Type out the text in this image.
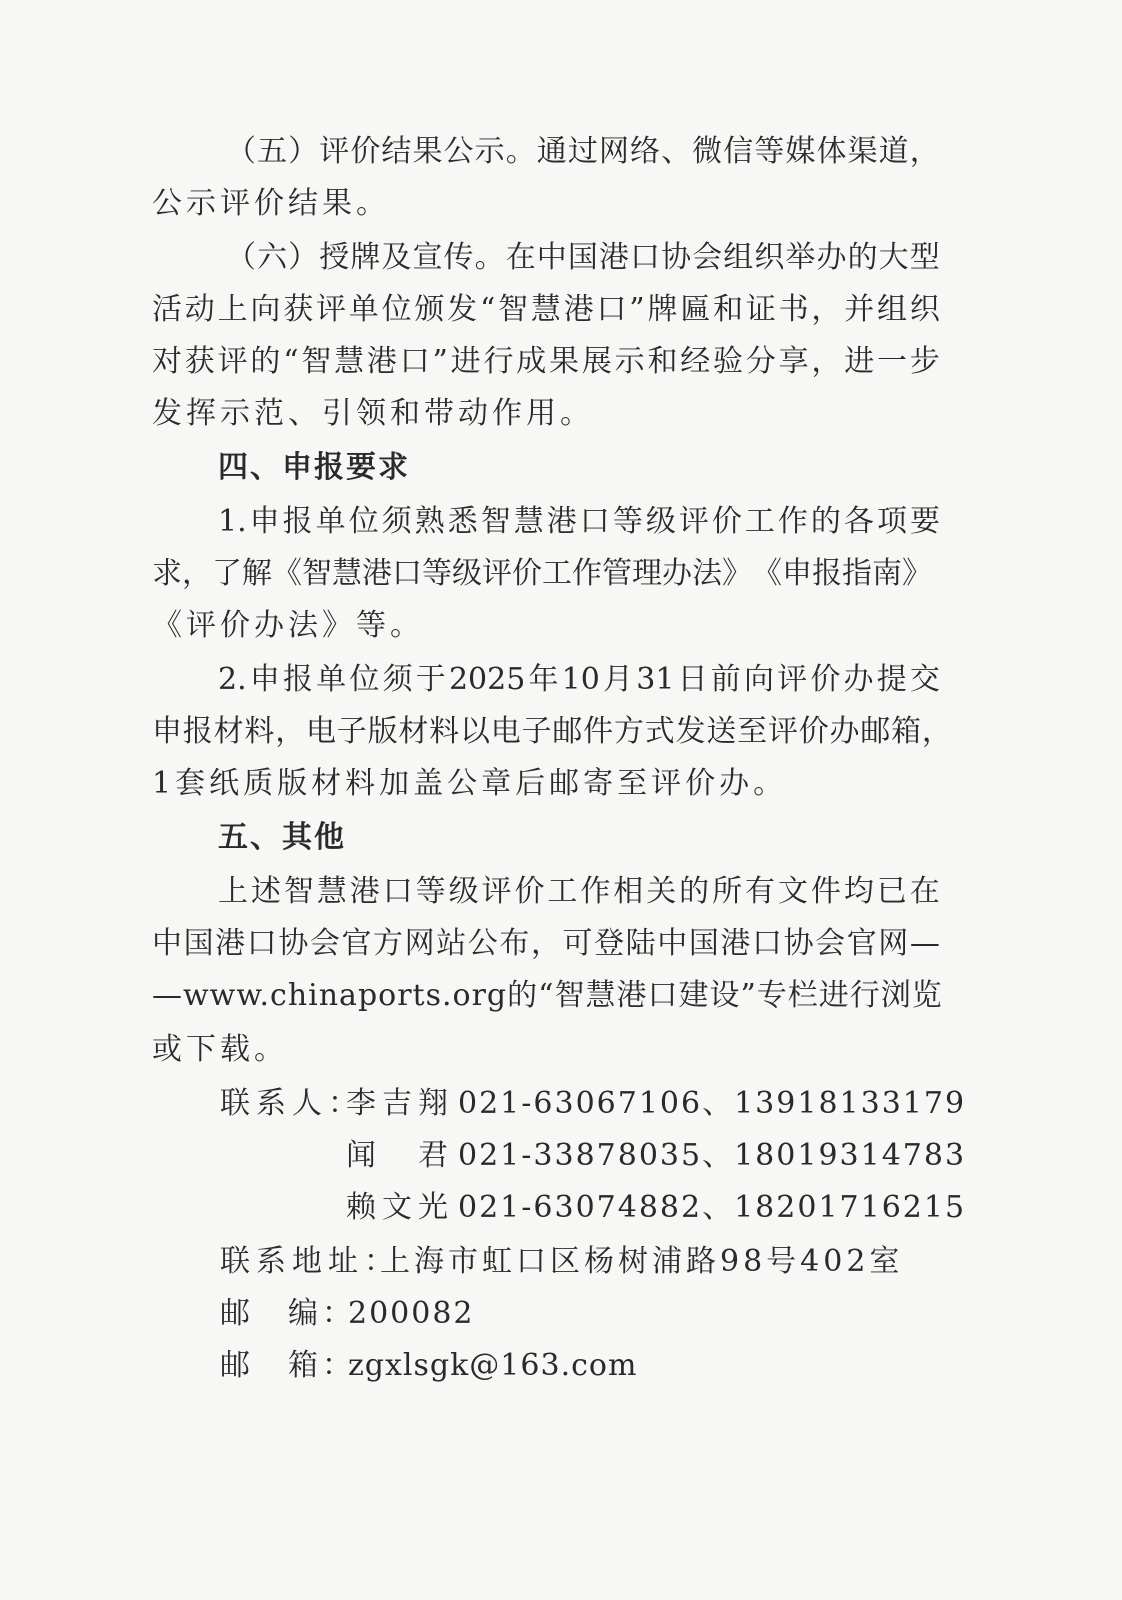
（ 五 ） 评 价 结 果 公 示 。 通 过 网 络 、 微 信 等 媒 体 渠 道 ，
公示评价结果。
（ 六 ） 授 牌 及 宣 传 。 在 中 国 港 口 协 会 组 织 举 办 的 大 型
活 动 上 向 获 评 单 位 颁 发 “ 智 慧 港 口 ” 牌 匾 和 证 书 ， 并 组 织
对 获 评 的 “ 智 慧 港 口 ” 进 行 成 果 展 示 和 经 验 分 享 ， 进 一 步
发挥示范、引领和带动作用。
四、申报要求
1. 申 报 单 位 须 熟 悉 智 慧 港 口 等 级 评 价 工 作 的 各 项 要
求 ， 了 解 《 智 慧 港 口 等 级 评 价 工 作 管 理 办 法 》 《 申 报 指 南 》
《评价办法》等。
2. 申 报 单 位 须 于 2025 年 10 月 31 日 前 向 评 价 办 提 交
申 报 材 料 ， 电 子 版 材 料 以 电 子 邮 件 方 式 发 送 至 评 价 办 邮 箱 ，
1套纸质版材料加盖公章后邮寄至评价办。
五、其他
上 述 智 慧 港 口 等 级 评 价 工 作 相 关 的 所 有 文 件 均 已 在
中 国 港 口 协 会 官 方 网 站 公 布 ， 可 登 陆 中 国 港 口 协 会 官 网 —
—www.chinaports.org的“智慧港口建设”专栏进行浏览
或下载。
联系人：
李吉翔 021-63067106、13918133179
闻　君 021-33878035、18019314783
赖文光 021-63074882、18201716215
联系地址：
上海市虹口区杨树浦路98号402室
邮　编：
200082
邮　箱：
zgxlsgk@163.com
